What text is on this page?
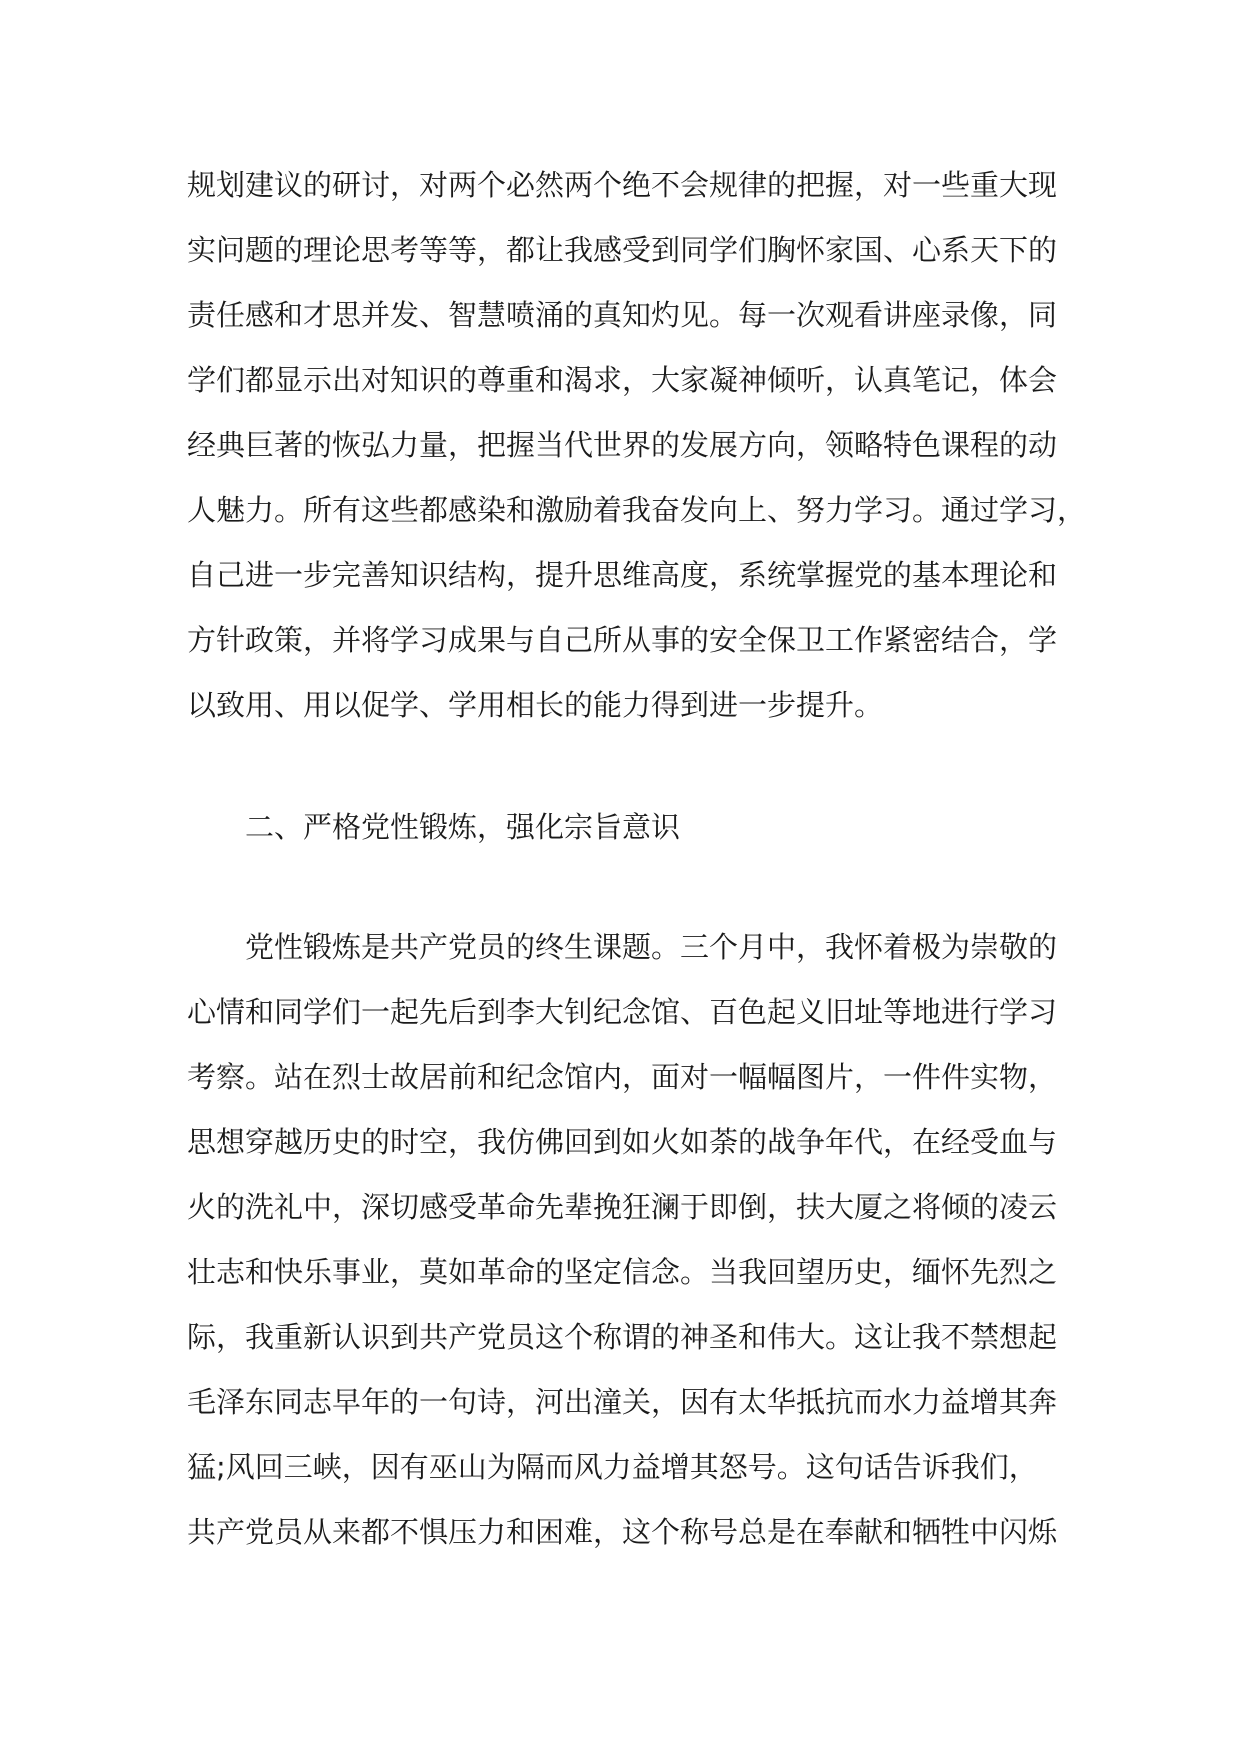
规划建议的研讨，对两个必然两个绝不会规律的把握，对一些重大现
实问题的理论思考等等，都让我感受到同学们胸怀家国、心系天下的
责任感和才思并发、智慧喷涌的真知灼见。每一次观看讲座录像，同
学们都显示出对知识的尊重和渴求，大家凝神倾听，认真笔记，体会
经典巨著的恢弘力量，把握当代世界的发展方向，领略特色课程的动
人魅力。所有这些都感染和激励着我奋发向上、努力学习。通过学习，
自己进一步完善知识结构，提升思维高度，系统掌握党的基本理论和
方针政策，并将学习成果与自己所从事的安全保卫工作紧密结合，学
以致用、用以促学、学用相长的能力得到进一步提升。
二、严格党性锻炼，强化宗旨意识
党性锻炼是共产党员的终生课题。三个月中，我怀着极为崇敬的
心情和同学们一起先后到李大钊纪念馆、百色起义旧址等地进行学习
考察。站在烈士故居前和纪念馆内，面对一幅幅图片，一件件实物，
思想穿越历史的时空，我仿佛回到如火如荼的战争年代，在经受血与
火的洗礼中，深切感受革命先辈挽狂澜于即倒，扶大厦之将倾的凌云
壮志和快乐事业，莫如革命的坚定信念。当我回望历史，缅怀先烈之
际，我重新认识到共产党员这个称谓的神圣和伟大。这让我不禁想起
毛泽东同志早年的一句诗，河出潼关，因有太华抵抗而水力益增其奔
猛;风回三峡，因有巫山为隔而风力益增其怒号。这句话告诉我们，
共产党员从来都不惧压力和困难，这个称号总是在奉献和牺牲中闪烁
